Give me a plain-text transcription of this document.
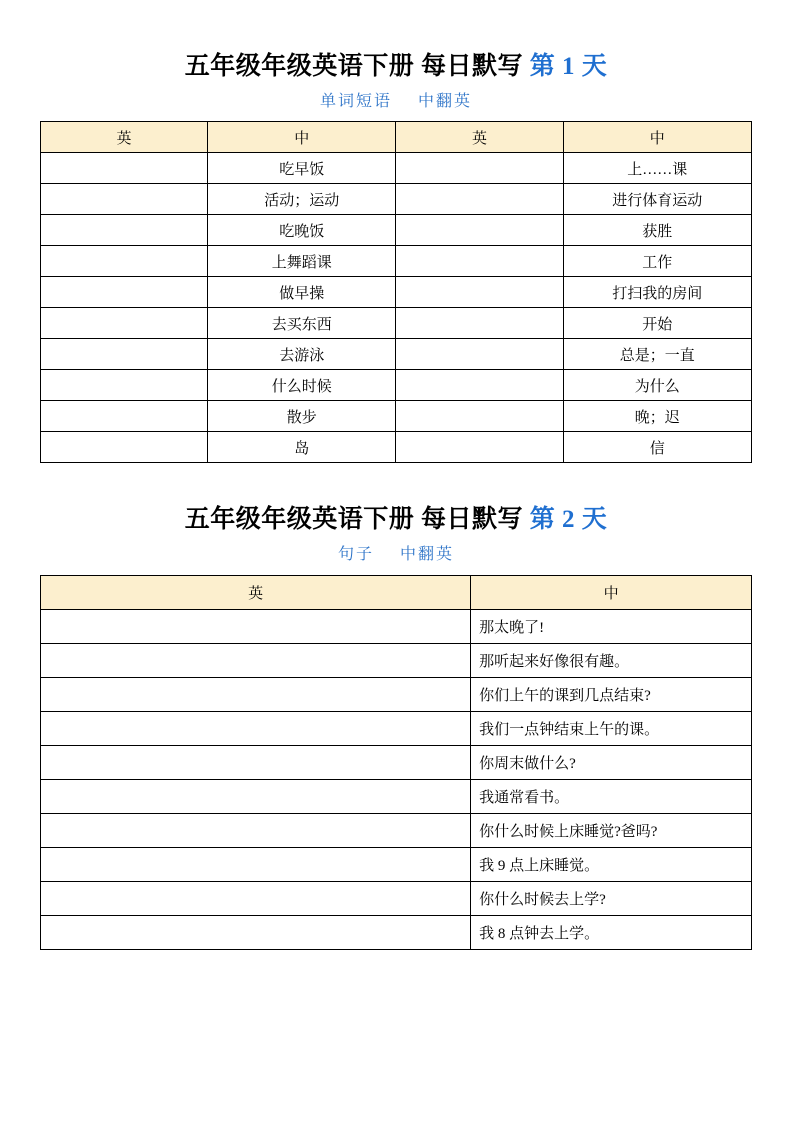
五年级年级英语下册 每日默写 第 1 天
单词短语 中翻英
英	中	英	中
	吃早饭		上……课
	活动；运动		进行体育运动
	吃晚饭		获胜
	上舞蹈课		工作
	做早操		打扫我的房间
	去买东西		开始
	去游泳		总是；一直
	什么时候		为什么
	散步		晚；迟
	岛		信
五年级年级英语下册 每日默写 第 2 天
句子 中翻英
英	中
	那太晚了!
	那听起来好像很有趣。
	你们上午的课到几点结束?
	我们一点钟结束上午的课。
	你周末做什么?
	我通常看书。
	你什么时候上床睡觉?爸吗?
	我 9 点上床睡觉。
	你什么时候去上学?
	我 8 点钟去上学。
